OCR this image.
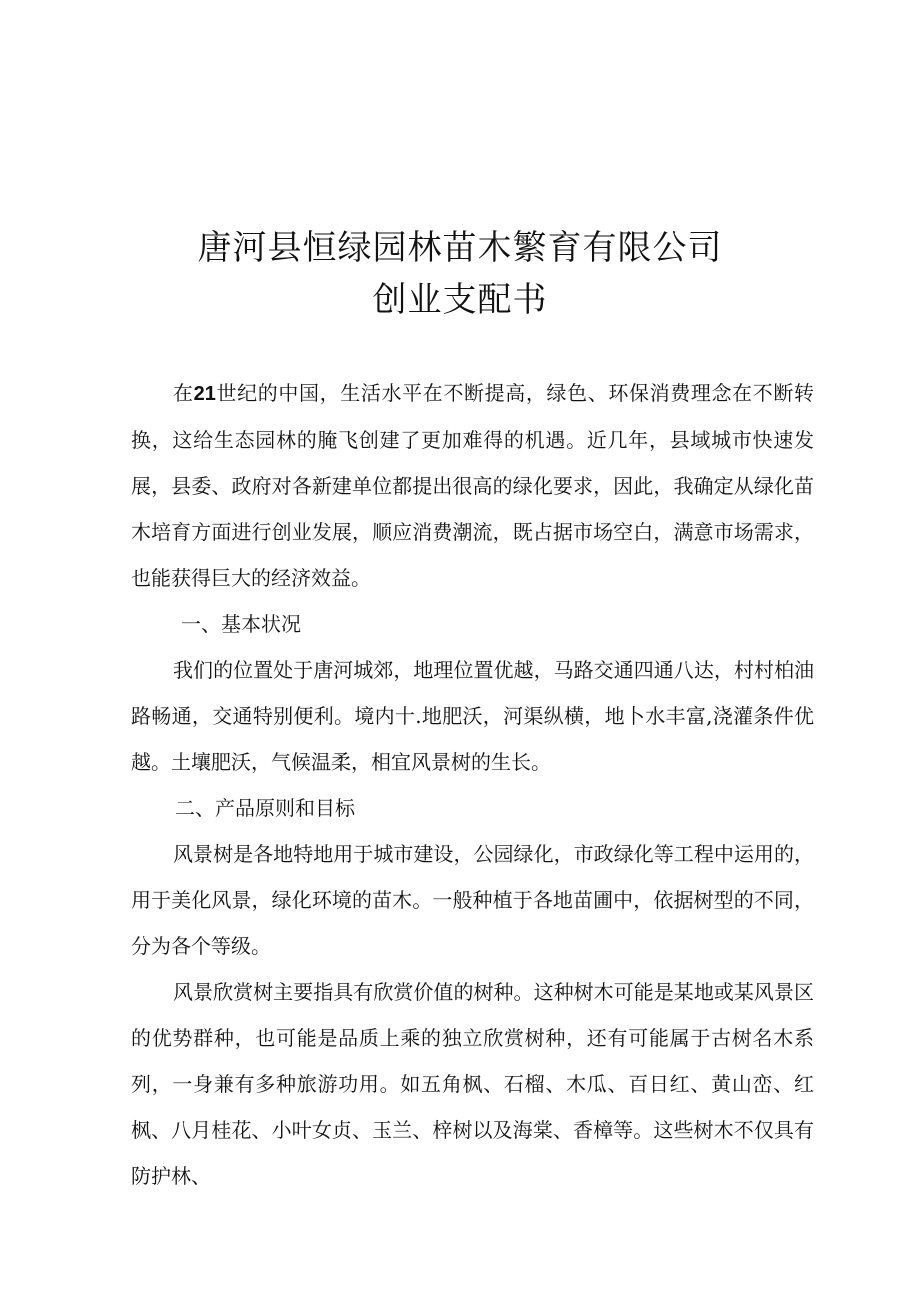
唐河县恒绿园林苗木繁育有限公司
创业支配书

在21世纪的中国，生活水平在不断提高，绿色、环保消费理念在不断转换，这给生态园林的腌飞创建了更加难得的机遇。近几年，县域城市快速发展，县委、政府对各新建单位都提出很高的绿化要求，因此，我确定从绿化苗木培育方面进行创业发展，顺应消费潮流，既占据市场空白，满意市场需求，也能获得巨大的经济效益。

一、基本状况

我们的位置处于唐河城郊，地理位置优越，马路交通四通八达，村村柏油路畅通，交通特别便利。境内十.地肥沃，河渠纵横，地卜水丰富,浇灌条件优越。土壤肥沃，气候温柔，相宜风景树的生长。

二、产品原则和目标

风景树是各地特地用于城市建设，公园绿化，市政绿化等工程中运用的，用于美化风景，绿化环境的苗木。一般种植于各地苗圃中，依据树型的不同，分为各个等级。

风景欣赏树主要指具有欣赏价值的树种。这种树木可能是某地或某风景区的优势群种，也可能是品质上乘的独立欣赏树种，还有可能属于古树名木系列，一身兼有多种旅游功用。如五角枫、石榴、木瓜、百日红、黄山峦、红枫、八月桂花、小叶女贞、玉兰、梓树以及海棠、香樟等。这些树木不仅具有防护林、
